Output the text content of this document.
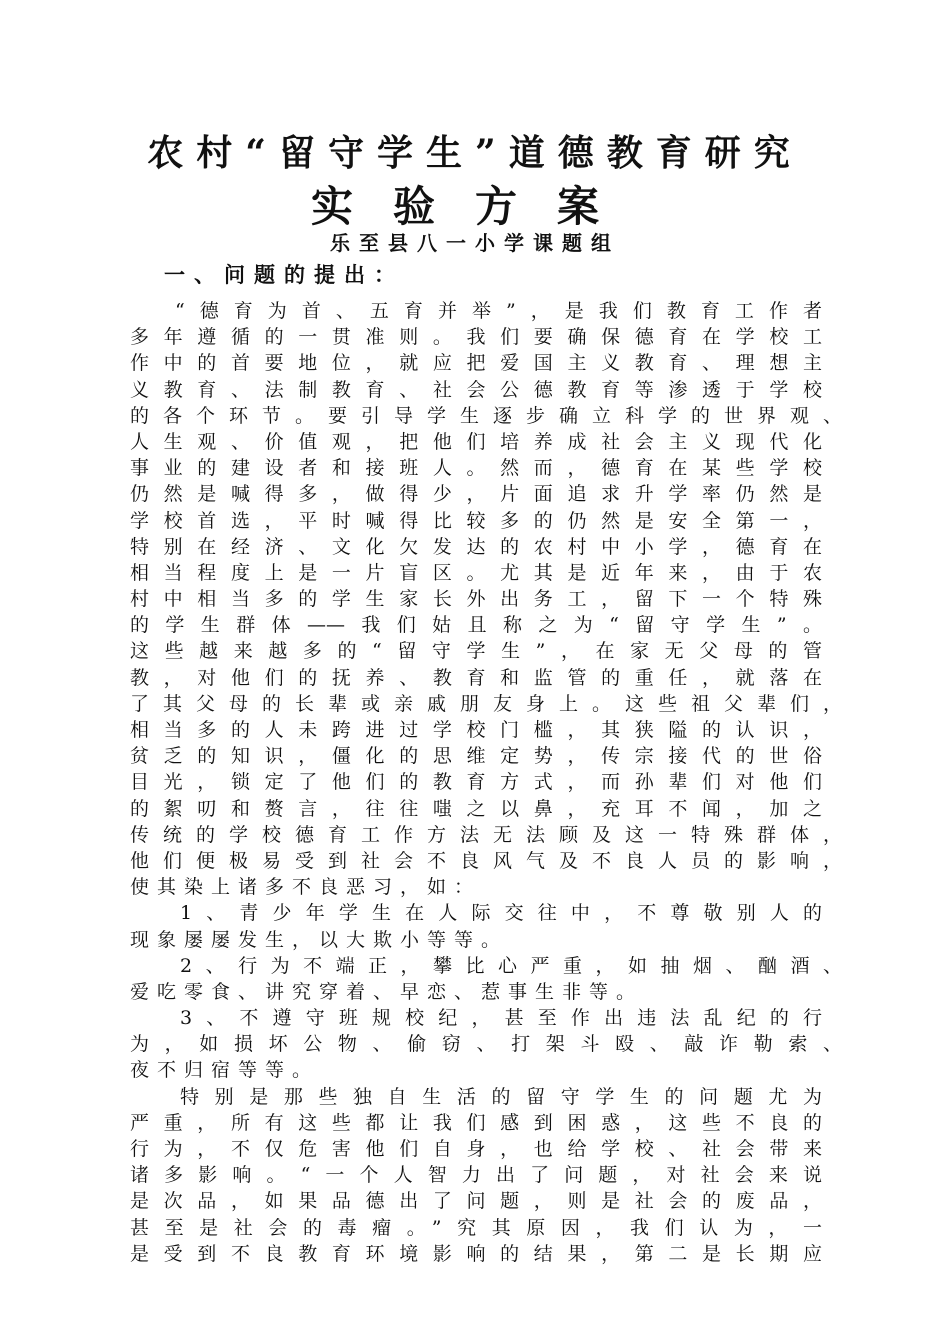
农村“留守学生”道德教育研究
实验方案
乐至县八一小学课题组
一、问题的提出：
“德育为首、五育并举”，是我们教育工作者
多年遵循的一贯准则。我们要确保德育在学校工
作中的首要地位，就应把爱国主义教育、理想主
义教育、法制教育、社会公德教育等渗透于学校
的各个环节。要引导学生逐步确立科学的世界观、
人生观、价值观，把他们培养成社会主义现代化
事业的建设者和接班人。然而，德育在某些学校
仍然是喊得多，做得少，片面追求升学率仍然是
学校首选，平时喊得比较多的仍然是安全第一，
特别在经济、文化欠发达的农村中小学，德育在
相当程度上是一片盲区。尤其是近年来，由于农
村中相当多的学生家长外出务工，留下一个特殊
的学生群体——我们姑且称之为“留守学生”。
这些越来越多的“留守学生”，在家无父母的管
教，对他们的抚养、教育和监管的重任，就落在
了其父母的长辈或亲戚朋友身上。这些祖父辈们，
相当多的人未跨进过学校门槛，其狭隘的认识，
贫乏的知识，僵化的思维定势，传宗接代的世俗
目光，锁定了他们的教育方式，而孙辈们对他们
的絮叨和赘言，往往嗤之以鼻，充耳不闻，加之
传统的学校德育工作方法无法顾及这一特殊群体，
他们便极易受到社会不良风气及不良人员的影响，
使其染上诸多不良恶习，如：
1、青少年学生在人际交往中，不尊敬别人的
现象屡屡发生，以大欺小等等。
2、行为不端正，攀比心严重，如抽烟、酗酒、
爱吃零食、讲究穿着、早恋、惹事生非等。
3、不遵守班规校纪，甚至作出违法乱纪的行
为，如损坏公物、偷窃、打架斗殴、敲诈勒索、
夜不归宿等等。
特别是那些独自生活的留守学生的问题尤为
严重，所有这些都让我们感到困惑，这些不良的
行为，不仅危害他们自身，也给学校、社会带来
诸多影响。“一个人智力出了问题，对社会来说
是次品，如果品德出了问题，则是社会的废品，
甚至是社会的毒瘤。”究其原因，我们认为，一
是受到不良教育环境影响的结果，第二是长期应
